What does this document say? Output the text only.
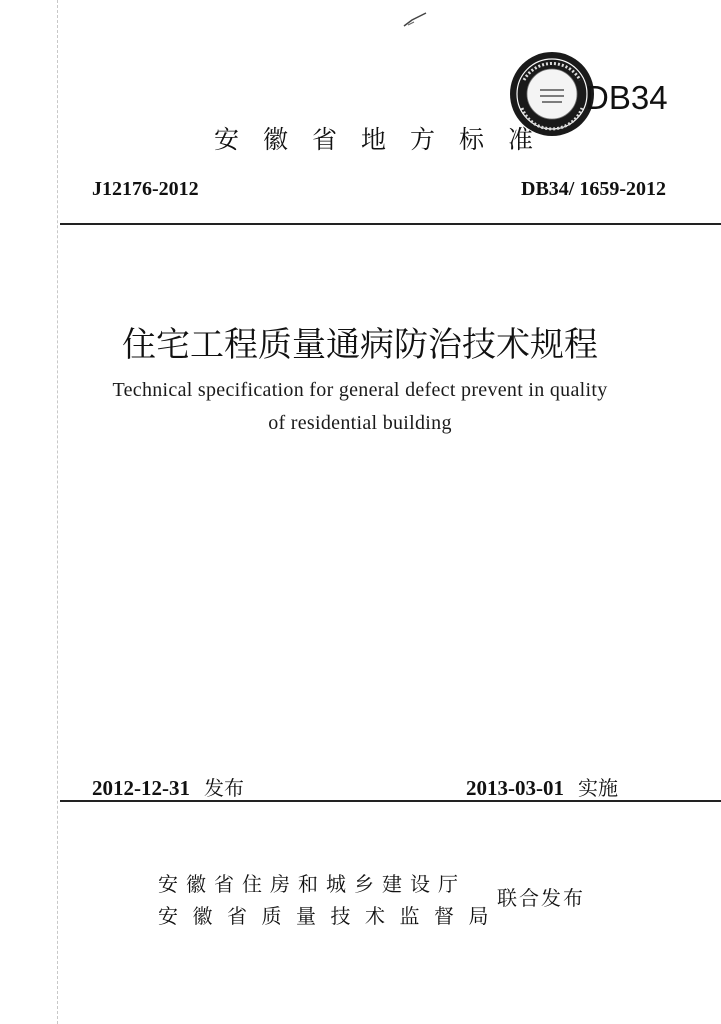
DB34
安徽省地方标准
J12176-2012	DB34/ 1659-2012
住宅工程质量通病防治技术规程
Technical specification for general defect prevent in quality
of residential building
2012-12-31 发布	2013-03-01 实施
安徽省住房和城乡建设厅
安徽省质量技术监督局
联合发布
